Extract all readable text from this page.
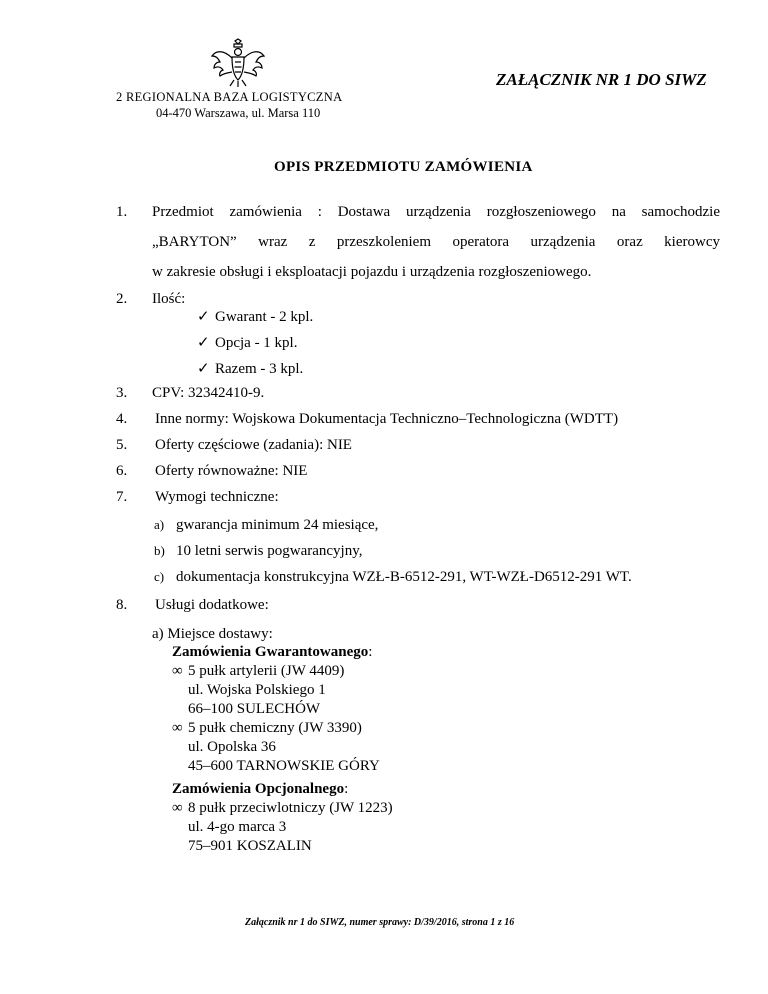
ZAŁĄCZNIK NR 1 DO SIWZ
2 REGIONALNA BAZA LOGISTYCZNA
04-470 Warszawa, ul. Marsa 110
OPIS PRZEDMIOTU ZAMÓWIENIA
1. Przedmiot zamówienia : Dostawa urządzenia rozgłoszeniowego na samochodzie
„BARYTON” wraz z przeszkoleniem operatora urządzenia oraz kierowcy
w zakresie obsługi i eksploatacji pojazdu i urządzenia rozgłoszeniowego.
2. Ilość:
✓ Gwarant - 2 kpl.
✓ Opcja - 1 kpl.
✓ Razem - 3 kpl.
3. CPV: 32342410-9.
4. Inne normy: Wojskowa Dokumentacja Techniczno–Technologiczna (WDTT)
5. Oferty częściowe (zadania): NIE
6. Oferty równoważne: NIE
7. Wymogi techniczne:
a) gwarancja minimum 24 miesiące,
b) 10 letni serwis pogwarancyjny,
c) dokumentacja konstrukcyjna WZŁ-B-6512-291, WT-WZŁ-D6512-291 WT.
8. Usługi dodatkowe:
a) Miejsce dostawy:
Zamówienia Gwarantowanego:
∞ 5 pułk artylerii (JW 4409)
ul. Wojska Polskiego 1
66–100 SULECHÓW
∞ 5 pułk chemiczny (JW 3390)
ul. Opolska 36
45–600 TARNOWSKIE GÓRY
Zamówienia Opcjonalnego:
∞ 8 pułk przeciwlotniczy (JW 1223)
ul. 4-go marca 3
75–901 KOSZALIN
Załącznik nr 1 do SIWZ, numer sprawy: D/39/2016, strona 1 z 16
